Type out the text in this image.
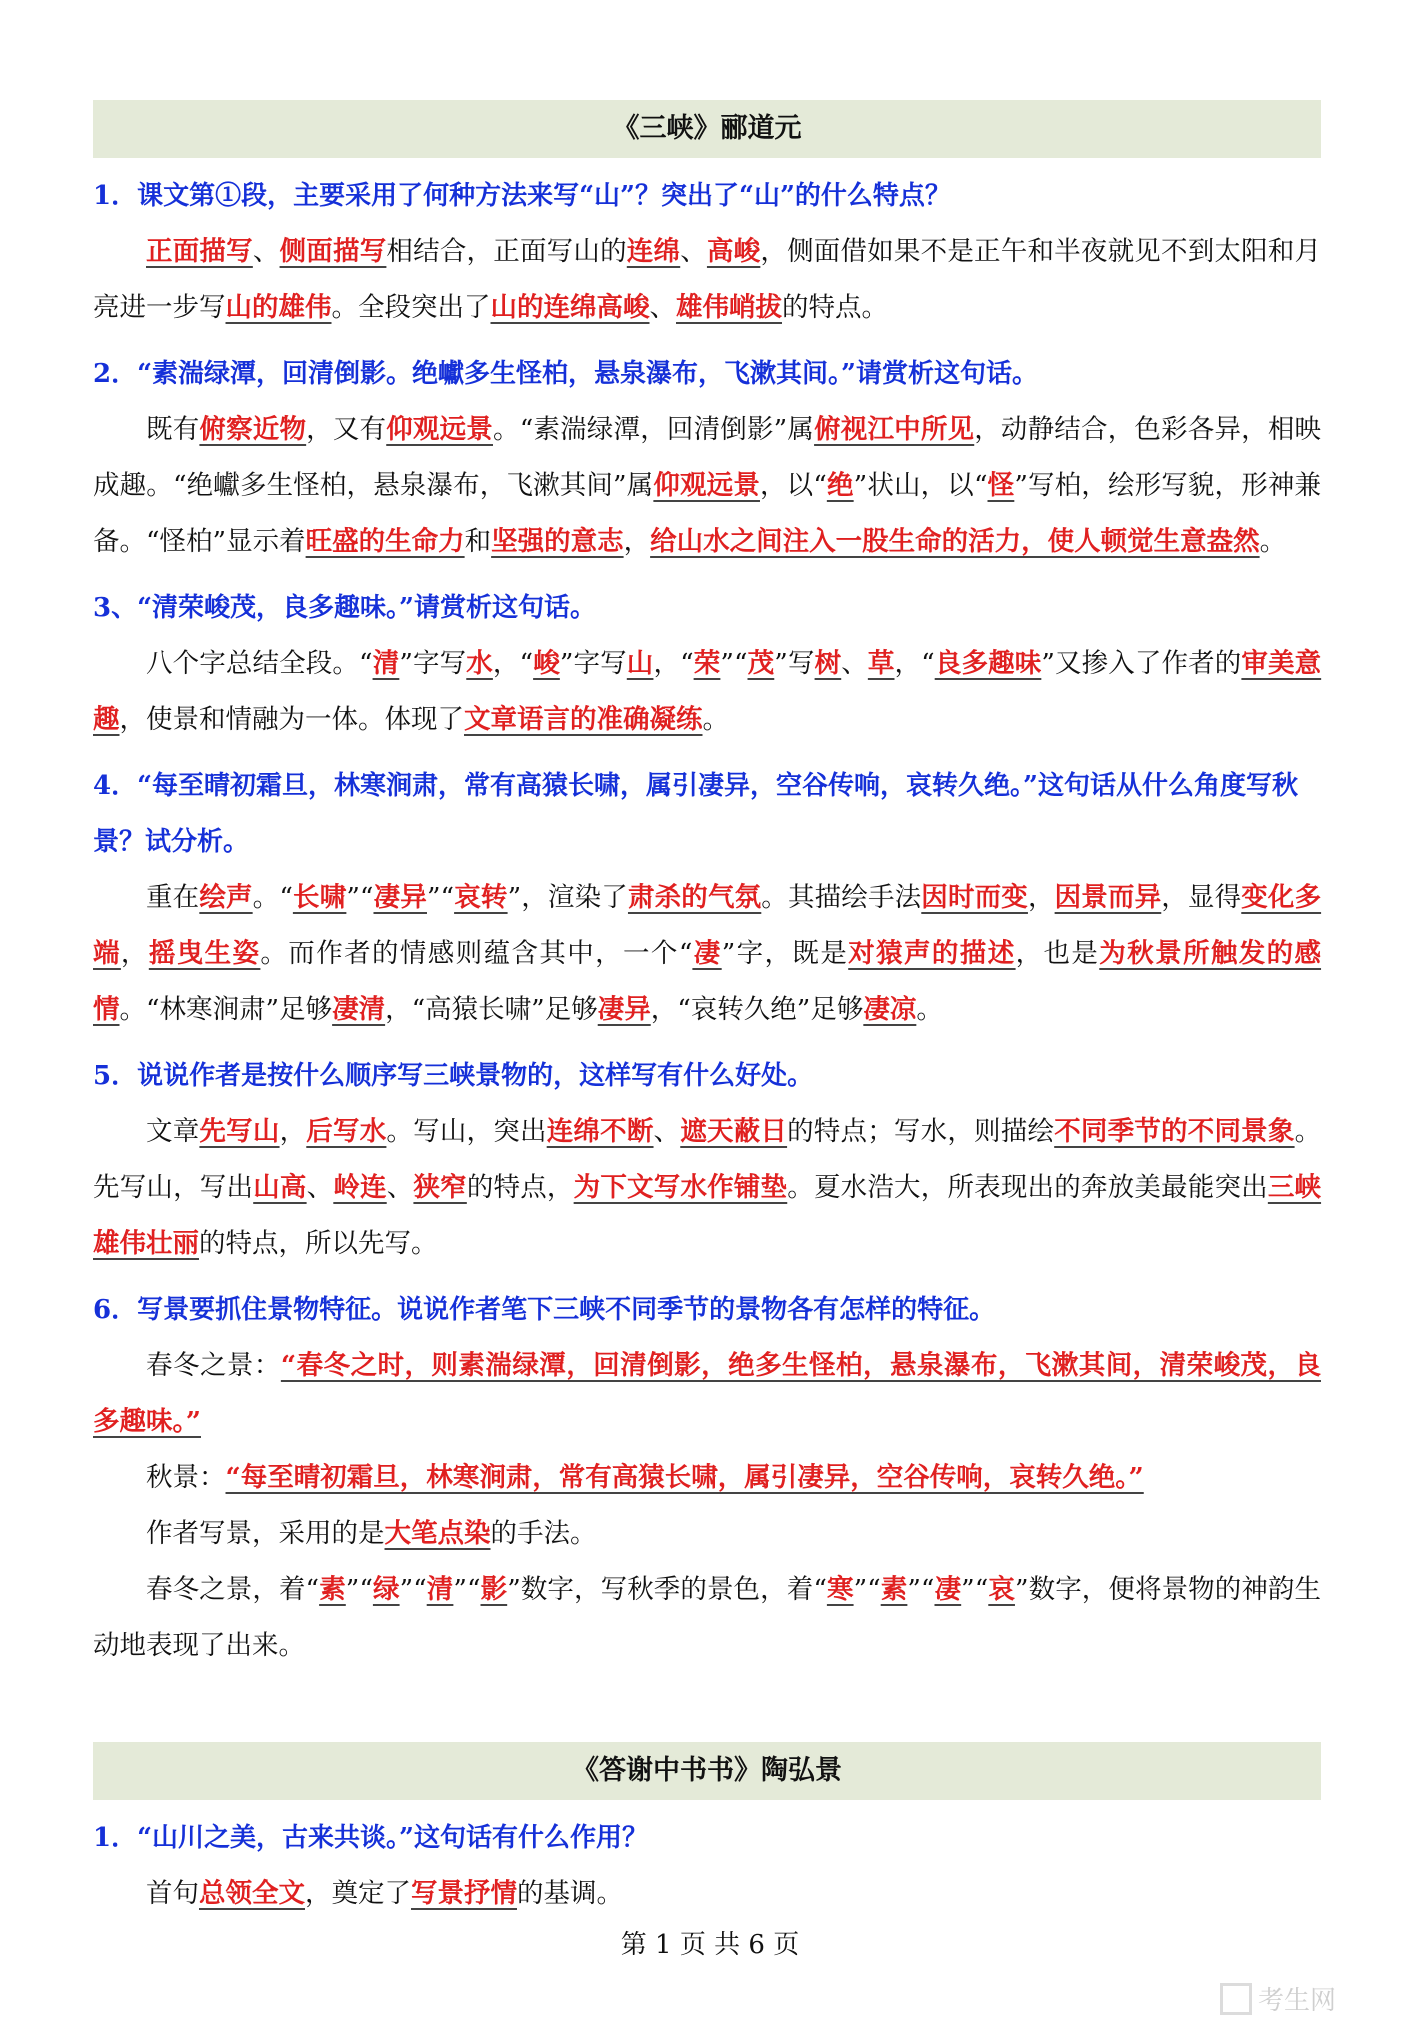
《三峡》郦道元
1．课文第①段，主要采用了何种方法来写“山”？突出了“山”的什么特点？
正面描写、侧面描写相结合，正面写山的连绵、高峻，侧面借如果不是正午和半夜就见不到太阳和月亮进一步写山的雄伟。全段突出了山的连绵高峻、雄伟峭拔的特点。
2．“素湍绿潭，回清倒影。绝巘多生怪柏，悬泉瀑布，飞漱其间。”请赏析这句话。
既有俯察近物，又有仰观远景。“素湍绿潭，回清倒影”属俯视江中所见，动静结合，色彩各异，相映成趣。“绝巘多生怪柏，悬泉瀑布，飞漱其间”属仰观远景，以“绝”状山，以“怪”写柏，绘形写貌，形神兼备。“怪柏”显示着旺盛的生命力和坚强的意志，给山水之间注入一股生命的活力，使人顿觉生意盎然。
3、“清荣峻茂，良多趣味。”请赏析这句话。
八个字总结全段。“清”字写水，“峻”字写山，“荣”“茂”写树、草，“良多趣味”又掺入了作者的审美意趣，使景和情融为一体。体现了文章语言的准确凝练。
4．“每至晴初霜旦，林寒涧肃，常有高猿长啸，属引凄异，空谷传响，哀转久绝。”这句话从什么角度写秋景？试分析。
重在绘声。“长啸”“凄异”“哀转”，渲染了肃杀的气氛。其描绘手法因时而变，因景而异，显得变化多端，摇曳生姿。而作者的情感则蕴含其中，一个“凄”字，既是对猿声的描述，也是为秋景所触发的感情。“林寒涧肃”足够凄清，“高猿长啸”足够凄异，“哀转久绝”足够凄凉。
5．说说作者是按什么顺序写三峡景物的，这样写有什么好处。
文章先写山，后写水。写山，突出连绵不断、遮天蔽日的特点；写水，则描绘不同季节的不同景象。先写山，写出山高、岭连、狭窄的特点，为下文写水作铺垫。夏水浩大，所表现出的奔放美最能突出三峡雄伟壮丽的特点，所以先写。
6．写景要抓住景物特征。说说作者笔下三峡不同季节的景物各有怎样的特征。
春冬之景：“春冬之时，则素湍绿潭，回清倒影，绝多生怪柏，悬泉瀑布，飞漱其间，清荣峻茂，良多趣味。”
秋景：“每至晴初霜旦，林寒涧肃，常有高猿长啸，属引凄异，空谷传响，哀转久绝。”
作者写景，采用的是大笔点染的手法。
春冬之景，着“素”“绿”“清”“影”数字，写秋季的景色，着“寒”“素”“凄”“哀”数字，便将景物的神韵生动地表现了出来。
《答谢中书书》陶弘景
1．“山川之美，古来共谈。”这句话有什么作用？
首句总领全文，奠定了写景抒情的基调。
第 1 页 共 6 页
考生网
